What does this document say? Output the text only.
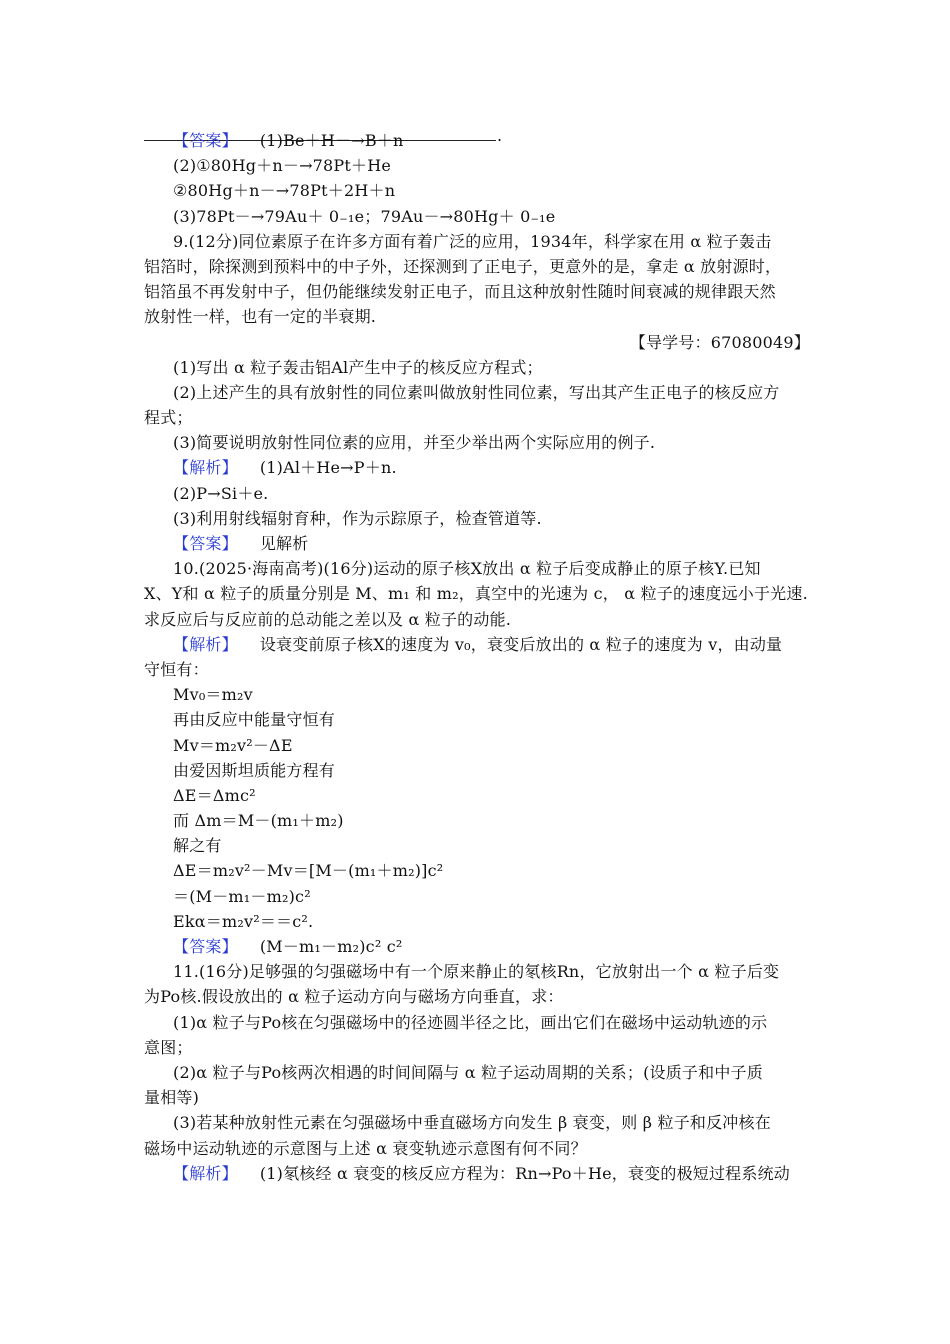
.
【答案】 (1)Be＋H－→B＋n
(2)①80Hg＋n－→78Pt＋He
②80Hg＋n－→78Pt＋2H＋n
(3)78Pt－→79Au＋ 0₋₁e；79Au－→80Hg＋ 0₋₁e
9.(12分)同位素原子在许多方面有着广泛的应用，1934年，科学家在用 α 粒子轰击
铝箔时，除探测到预料中的中子外，还探测到了正电子，更意外的是，拿走 α 放射源时，
铝箔虽不再发射中子，但仍能继续发射正电子，而且这种放射性随时间衰减的规律跟天然
放射性一样，也有一定的半衰期.
【导学号：67080049】
(1)写出 α 粒子轰击铝Al产生中子的核反应方程式；
(2)上述产生的具有放射性的同位素叫做放射性同位素，写出其产生正电子的核反应方
程式；
(3)简要说明放射性同位素的应用，并至少举出两个实际应用的例子.
【解析】 (1)Al＋He→P＋n.
(2)P→Si＋e.
(3)利用射线辐射育种，作为示踪原子，检查管道等.
【答案】 见解析
10.(2025·海南高考)(16分)运动的原子核X放出 α 粒子后变成静止的原子核Y.已知
X、Y和 α 粒子的质量分别是 M、m₁ 和 m₂，真空中的光速为 c， α 粒子的速度远小于光速.
求反应后与反应前的总动能之差以及 α 粒子的动能.
【解析】 设衰变前原子核X的速度为 v₀，衰变后放出的 α 粒子的速度为 v，由动量
守恒有：
Mv₀＝m₂v
再由反应中能量守恒有
Mv＝m₂v²－ΔE
由爱因斯坦质能方程有
ΔE＝Δmc²
而 Δm＝M－(m₁＋m₂)
解之有
ΔE＝m₂v²－Mv＝[M－(m₁＋m₂)]c²
＝(M－m₁－m₂)c²
Ekα＝m₂v²＝＝c².
【答案】 (M－m₁－m₂)c² c²
11.(16分)足够强的匀强磁场中有一个原来静止的氡核Rn，它放射出一个 α 粒子后变
为Po核.假设放出的 α 粒子运动方向与磁场方向垂直，求：
(1)α 粒子与Po核在匀强磁场中的径迹圆半径之比，画出它们在磁场中运动轨迹的示
意图；
(2)α 粒子与Po核两次相遇的时间间隔与 α 粒子运动周期的关系；(设质子和中子质
量相等)
(3)若某种放射性元素在匀强磁场中垂直磁场方向发生 β 衰变，则 β 粒子和反冲核在
磁场中运动轨迹的示意图与上述 α 衰变轨迹示意图有何不同？
【解析】 (1)氡核经 α 衰变的核反应方程为：Rn→Po＋He，衰变的极短过程系统动
